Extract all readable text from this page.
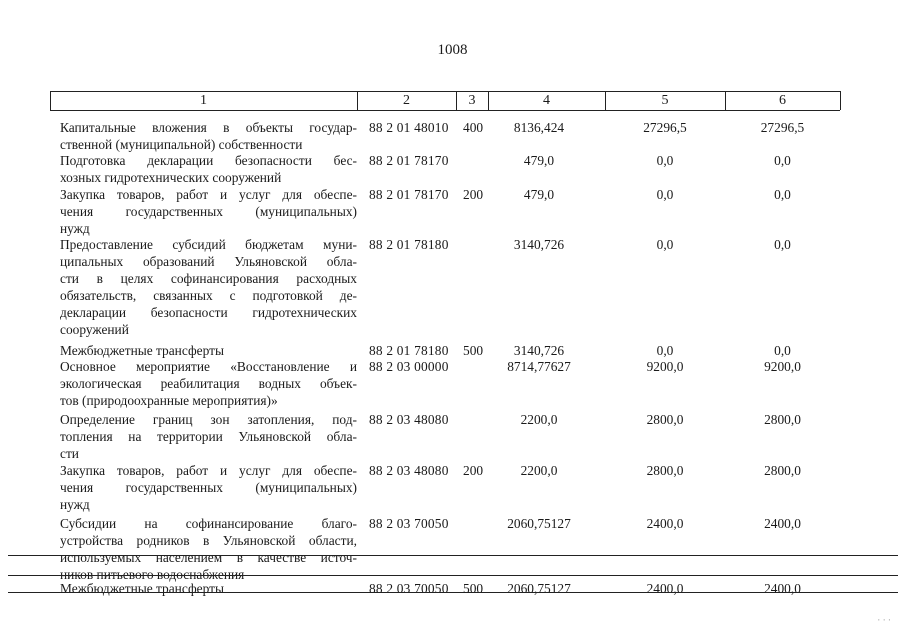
1008
1	2	3	4	5	6
Капитальные вложения в объекты государ-
ственной (муниципальной) собственности
88 2 01 48010 400	8136,424	27296,5	27296,5
Подготовка декларации безопасности бес-
хозных гидротехнических сооружений
88 2 01 78170	479,0	0,0	0,0
Закупка товаров, работ и услуг для обеспе-
чения государственных (муниципальных)
нужд
88 2 01 78170 200	479,0	0,0	0,0
Предоставление субсидий бюджетам муни-
ципальных образований Ульяновской обла-
сти в целях софинансирования расходных
обязательств, связанных с подготовкой де-
декларации безопасности гидротехнических
сооружений
88 2 01 78180	3140,726	0,0	0,0
Межбюджетные трансферты	88 2 01 78180 500	3140,726	0,0	0,0
Основное мероприятие «Восстановление и
экологическая реабилитация водных объек-
тов (природоохранные мероприятия)»
88 2 03 00000	8714,77627	9200,0	9200,0
Определение границ зон затопления, под-
топления на территории Ульяновской обла-
сти
88 2 03 48080	2200,0	2800,0	2800,0
Закупка товаров, работ и услуг для обеспе-
чения государственных (муниципальных)
нужд
88 2 03 48080 200	2200,0	2800,0	2800,0
Субсидии на софинансирование благо-
устройства родников в Ульяновской области,
используемых населением в качестве источ-
ников питьевого водоснабжения
88 2 03 70050	2060,75127	2400,0	2400,0
Межбюджетные трансферты	88 2 03 70050 500	2060,75127	2400,0	2400,0
⋅ ⋅ ⋅
